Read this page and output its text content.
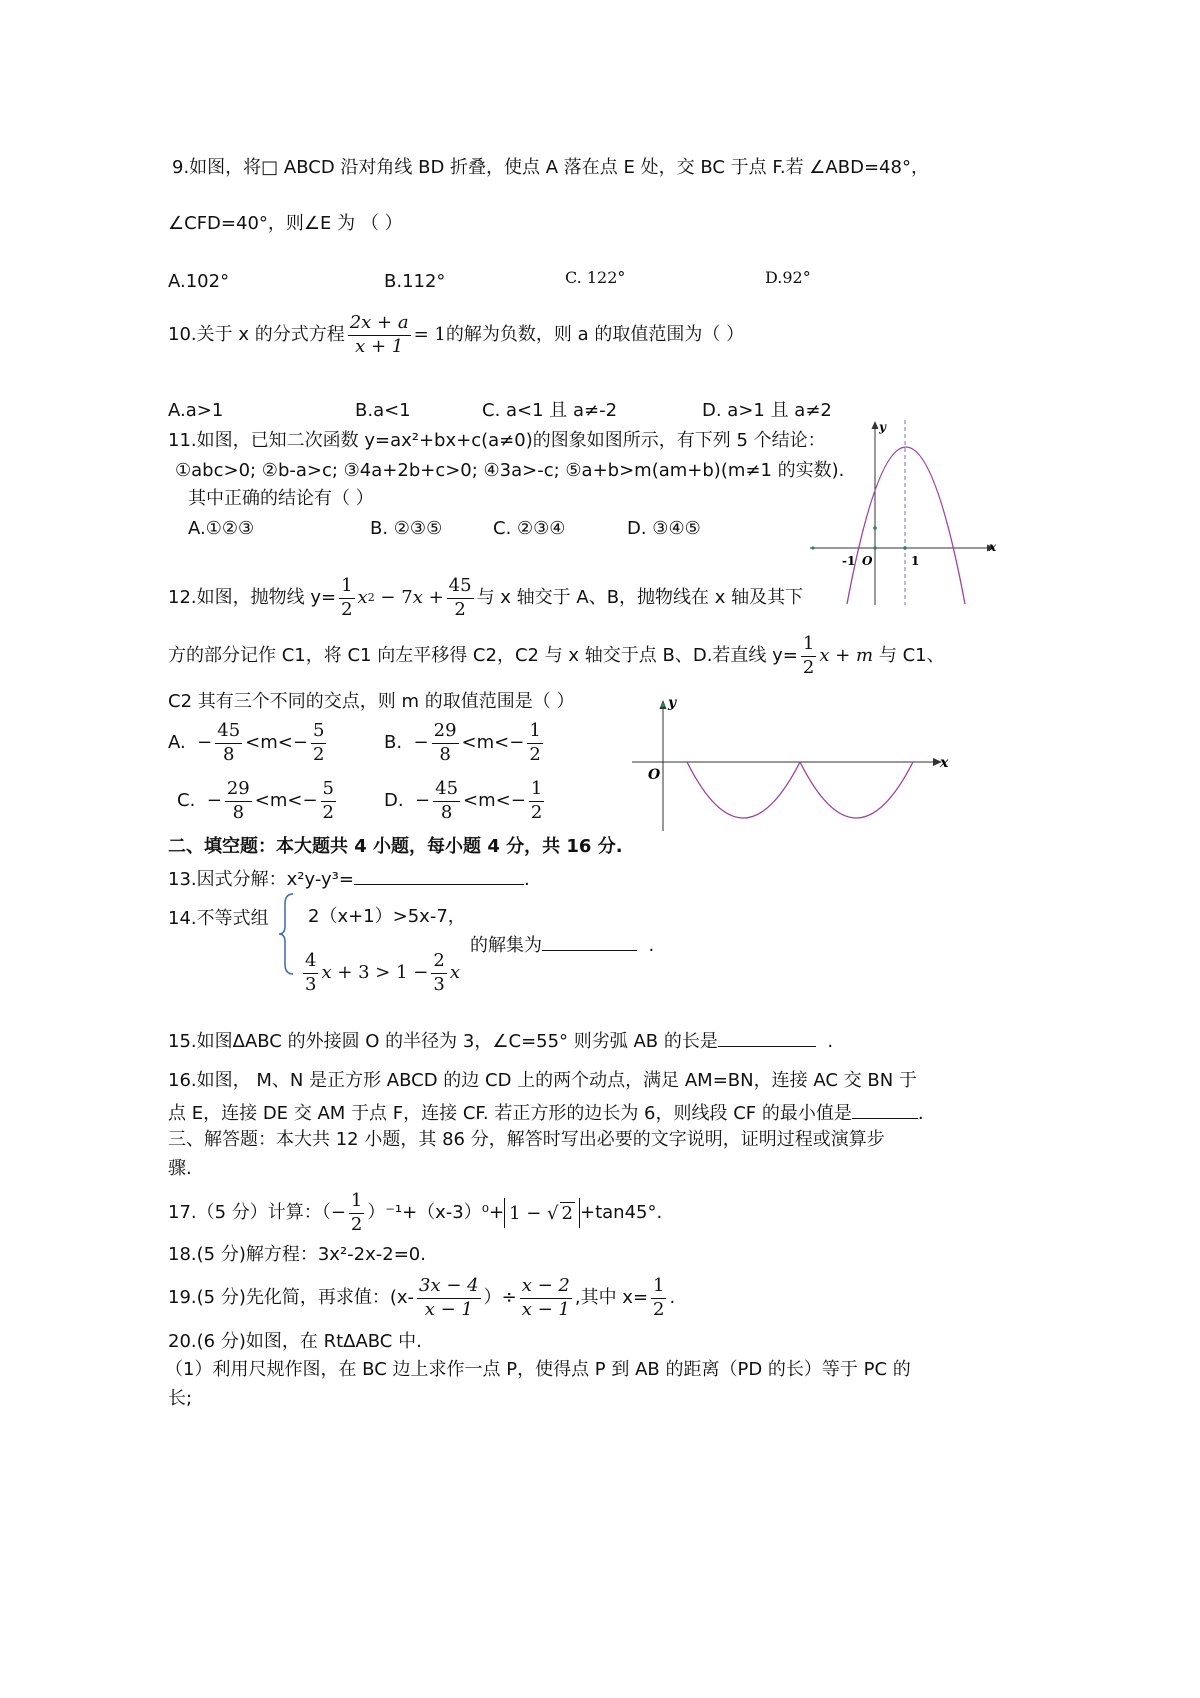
9.如图，将□ ABCD 沿对角线 BD 折叠，使点 A 落在点 E 处，交 BC 于点 F.若 ∠ABD=48°，
∠CFD=40°，则∠E 为 （ ）
A.102°	B.112°	C. 122°	D.92°
10.关于 x 的分式方程 $\frac{2x + a}{x + 1} = 1$ 的解为负数，则 a 的取值范围为（ ）
A.a>1	B.a<1	C. a<1 且 a≠-2	D. a>1 且 a≠2
11.如图，已知二次函数 y=ax²+bx+c(a≠0)的图象如图所示，有下列 5 个结论：
①abc>0; ②b-a>c; ③4a+2b+c>0; ④3a>-c; ⑤a+b>m(am+b)(m≠1 的实数).
其中正确的结论有（ ）
A.①②③	B. ②③⑤	C. ②③④	D. ③④⑤
x
y
O
-1	1
12.如图，抛物线 $y= \frac{1}{2}$ x 2 − 7 $x + \frac{45}{2}$ 与 x 轴交于 A、B，抛物线在 x 轴及其下
方的部分记作 C1，将 C1 向左平移得 C2，C2 与 x 轴交于点 B、D.若直线 $y= \frac{1}{2}$ x + m
与 C1、
C2 其有三个不同的交点，则 m 的取值范围是（ ）
A.
− $\frac{45}{8} <m< - \frac{5}{2}$	B.
− $\frac{29}{8} <m< - \frac{1}{2}$
C.
− $\frac{29}{8} <m< - \frac{5}{2}$	D.
− $\frac{45}{8} <m< - \frac{1}{2}$
x
y
O
二、填空题：本大题共 4 小题，每小题 4 分，共 16 分.
13.因式分解：x²y-y³=	.
14.不等式组 2（x+1）>5x-7，
$\frac{4}{3}$ $x + 3 > 1 - \frac{2}{3}$ x
的解集为	.
15.如图ΔABC 的外接圆 O 的半径为 3，∠C=55° 则劣弧 AB 的长是	.
16.如图， M、N 是正方形 ABCD 的边 CD 上的两个动点，满足 AM=BN，连接 AC 交 BN 于
点 E，连接 DE 交 AM 于点 F，连接 CF. 若正方形的边长为 6，则线段 CF 的最小值是	.
三、解答题：本大共 12 小题，其 86 分，解答时写出必要的文字说明，证明过程或演算步
骤.
17.（5 分）计算：（ − $\frac{1}{2} )^{-1}+(x-3)^0+ 1$ − √ 2 +tan45°.
18.(5 分)解方程：3x²-2x-2=0.
19.(5 分)先化简，再求值：($x- \frac{3x - 4}{x - 1}$ ）÷ $\frac{x - 2}{x - 1}$ ,其中 $x= \frac{1}{2}$ .
20.(6 分)如图，在 RtΔABC 中.
（1）利用尺规作图，在 BC 边上求作一点 P，使得点 P 到 AB 的距离（PD 的长）等于 PC 的
长;
